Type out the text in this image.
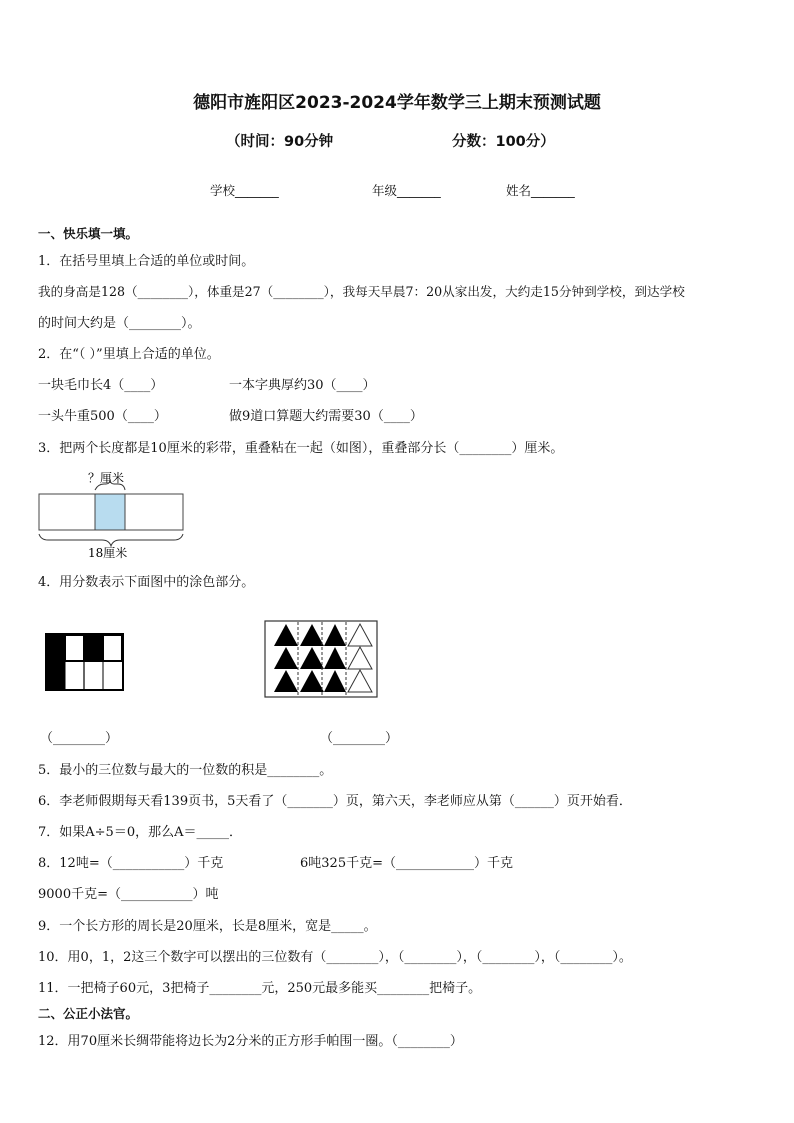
德阳市旌阳区2023-2024学年数学三上期末预测试题
（时间：90分钟	分数：100分）
学校_______	年级_______	姓名_______
一、快乐填一填。
1．在括号里填上合适的单位或时间。
我的身高是128（________），体重是27（________），我每天早晨7：20从家出发，大约走15分钟到学校，到达学校
的时间大约是（________）。
2．在“（ ）”里填上合适的单位。
一块毛巾长4（____）	一本字典厚约30（____）
一头牛重500（____）	做9道口算题大约需要30（____）
3．把两个长度都是10厘米的彩带，重叠粘在一起（如图），重叠部分长（________）厘米。
？厘米
18厘米
4．用分数表示下面图中的涂色部分。
（________）	（________）
5．最小的三位数与最大的一位数的积是________。
6．李老师假期每天看139页书，5天看了（_______）页，第六天，李老师应从第（______）页开始看．
7．如果A÷5＝0，那么A＝_____．
8．12吨=（___________）千克	6吨325千克=（____________）千克
9000千克=（___________）吨
9．一个长方形的周长是20厘米，长是8厘米，宽是_____。
10．用0，1，2这三个数字可以摆出的三位数有（________），（________），（________），（________）。
11．一把椅子60元，3把椅子________元，250元最多能买________把椅子。
二、公正小法官。
12．用70厘米长绸带能将边长为2分米的正方形手帕围一圈。（________）
